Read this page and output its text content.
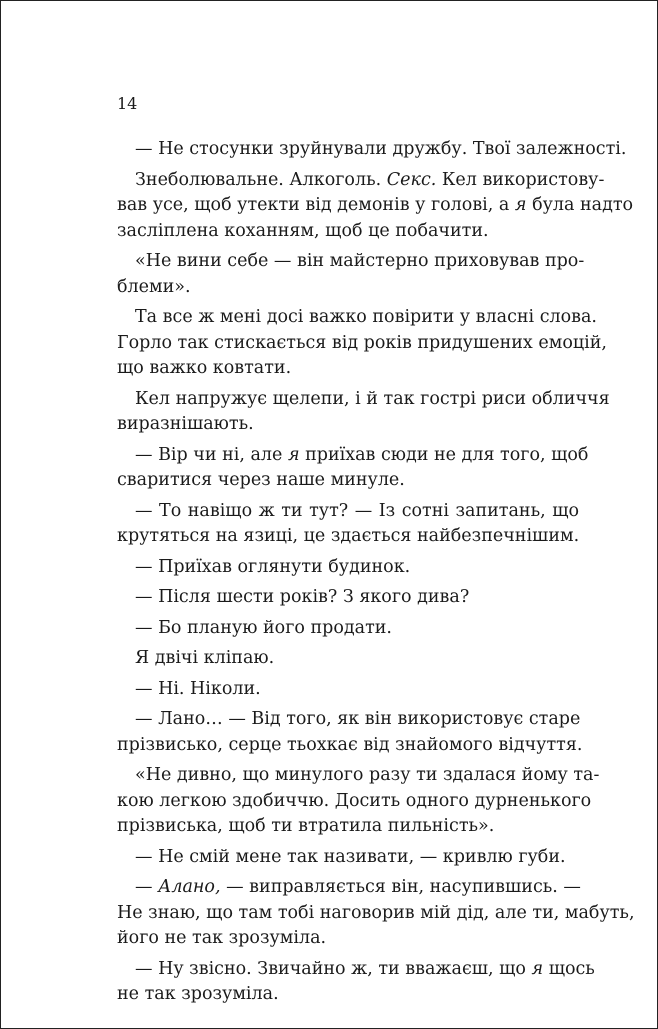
14
— Не стосунки зруйнували дружбу. Твої залежності.
Знеболювальне. Алкоголь. Секс. Кел використову-
вав усе, щоб утекти від демонів у голові, а я була надто
засліплена коханням, щоб це побачити.
«Не вини себе — він майстерно приховував про-
блеми».
Та все ж мені досі важко повірити у власні слова.
Горло так стискається від років придушених емоцій,
що важко ковтати.
Кел напружує щелепи, і й так гострі риси обличчя
виразнішають.
— Вір чи ні, але я приїхав сюди не для того, щоб
сваритися через наше минуле.
— То навіщо ж ти тут? — Із сотні запитань, що
крутяться на язиці, це здається найбезпечнішим.
— Приїхав оглянути будинок.
— Після шести років? З якого дива?
— Бо планую його продати.
Я двічі кліпаю.
— Ні. Ніколи.
— Лано… — Від того, як він використовує старе
прізвисько, серце тьохкає від знайомого відчуття.
«Не дивно, що минулого разу ти здалася йому та-
кою легкою здобиччю. Досить одного дурненького
прізвиська, щоб ти втратила пильність».
— Не смій мене так називати, — кривлю губи.
— Алано, — виправляється він, насупившись. —
Не знаю, що там тобі наговорив мій дід, але ти, мабуть,
його не так зрозуміла.
— Ну звісно. Звичайно ж, ти вважаєш, що я щось
не так зрозуміла.
